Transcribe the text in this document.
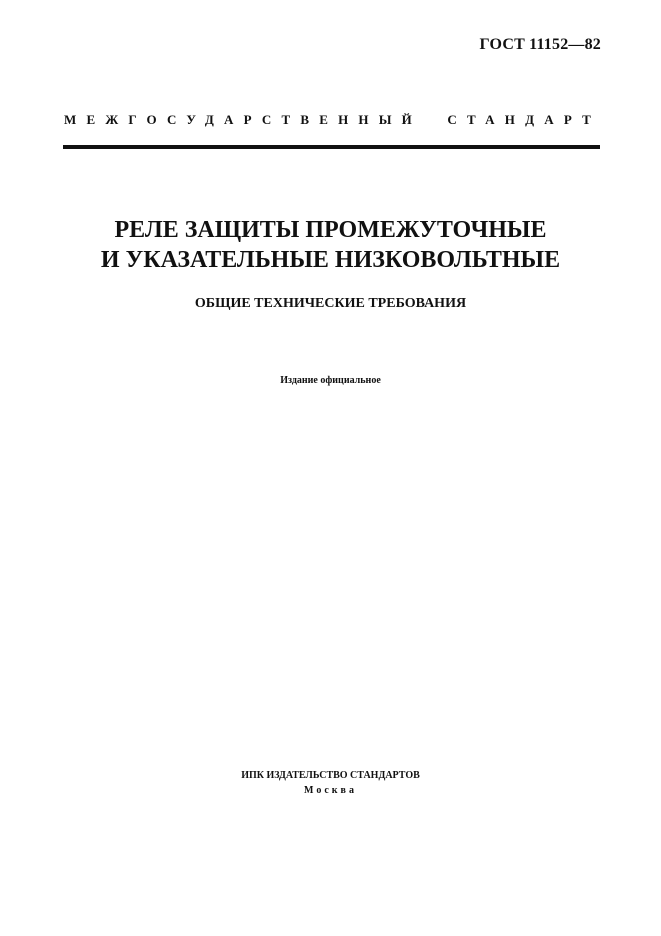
ГОСТ 11152—82
МЕЖГОСУДАРСТВЕННЫЙ СТАНДАРТ
РЕЛЕ ЗАЩИТЫ ПРОМЕЖУТОЧНЫЕ
И УКАЗАТЕЛЬНЫЕ НИЗКОВОЛЬТНЫЕ
ОБЩИЕ ТЕХНИЧЕСКИЕ ТРЕБОВАНИЯ
Издание официальное
ИПК ИЗДАТЕЛЬСТВО СТАНДАРТОВ
Москва
